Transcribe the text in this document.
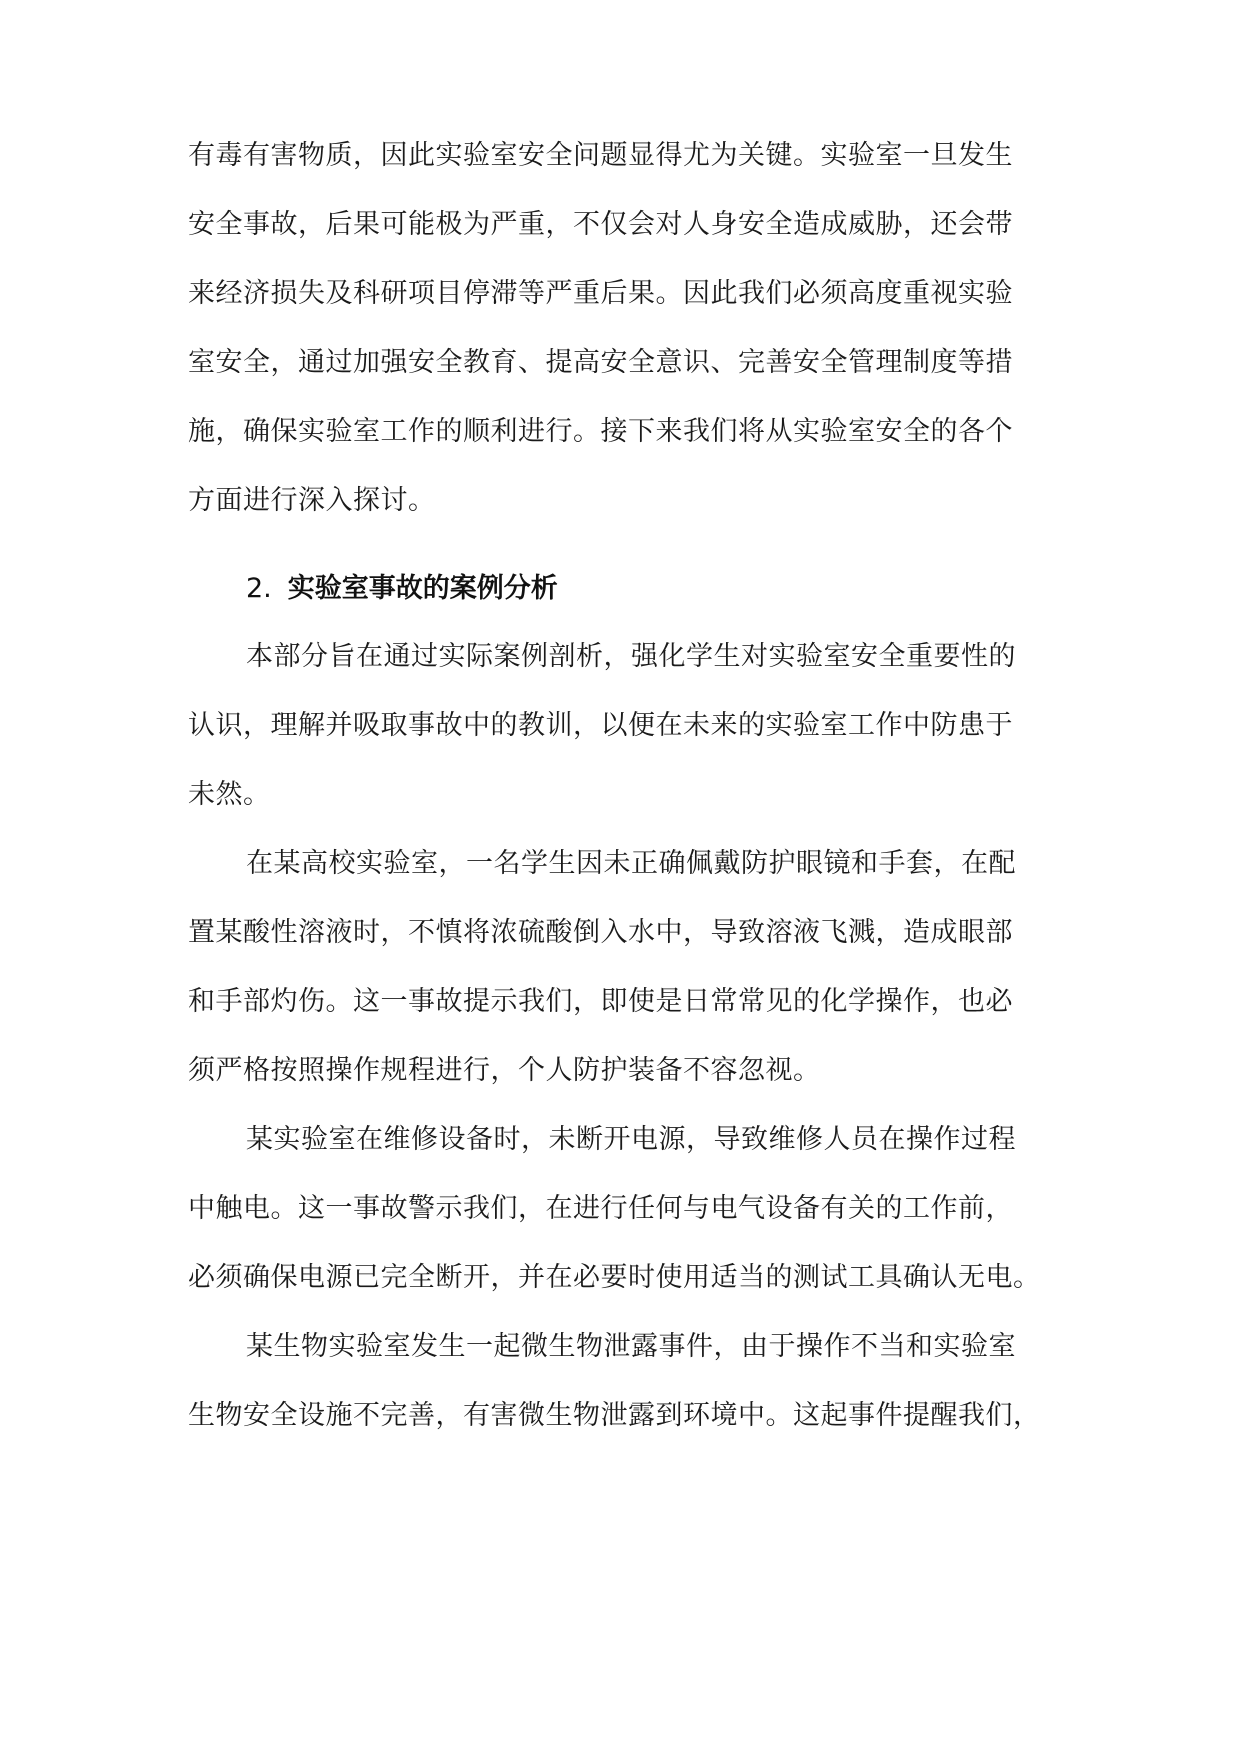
有毒有害物质，因此实验室安全问题显得尤为关键。实验室一旦发生
安全事故，后果可能极为严重，不仅会对人身安全造成威胁，还会带
来经济损失及科研项目停滞等严重后果。因此我们必须高度重视实验
室安全，通过加强安全教育、提高安全意识、完善安全管理制度等措
施，确保实验室工作的顺利进行。接下来我们将从实验室安全的各个
方面进行深入探讨。
2. 实验室事故的案例分析
本部分旨在通过实际案例剖析，强化学生对实验室安全重要性的
认识，理解并吸取事故中的教训，以便在未来的实验室工作中防患于
未然。
在某高校实验室，一名学生因未正确佩戴防护眼镜和手套，在配
置某酸性溶液时，不慎将浓硫酸倒入水中，导致溶液飞溅，造成眼部
和手部灼伤。这一事故提示我们，即使是日常常见的化学操作，也必
须严格按照操作规程进行，个人防护装备不容忽视。
某实验室在维修设备时，未断开电源，导致维修人员在操作过程
中触电。这一事故警示我们，在进行任何与电气设备有关的工作前，
必须确保电源已完全断开，并在必要时使用适当的测试工具确认无电。
某生物实验室发生一起微生物泄露事件，由于操作不当和实验室
生物安全设施不完善，有害微生物泄露到环境中。这起事件提醒我们，
